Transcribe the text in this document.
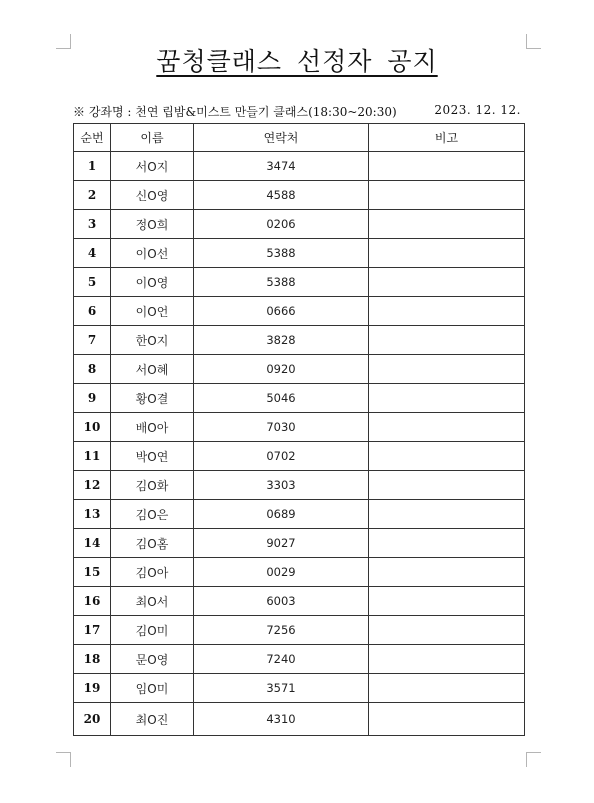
꿈청클래스 선정자 공지
※ 강좌명 : 천연 립밤&미스트 만들기 클래스(18:30~20:30)	2023. 12. 12.
순번	이름	연락처	비고
1	서O지	3474	
2	신O영	4588	
3	정O희	0206	
4	이O선	5388	
5	이O영	5388	
6	이O언	0666	
7	한O지	3828	
8	서O혜	0920	
9	황O결	5046	
10	배O아	7030	
11	박O연	0702	
12	김O화	3303	
13	김O은	0689	
14	김O홈	9027	
15	김O아	0029	
16	최O서	6003	
17	김O미	7256	
18	문O영	7240	
19	임O미	3571	
20	최O진	4310	
